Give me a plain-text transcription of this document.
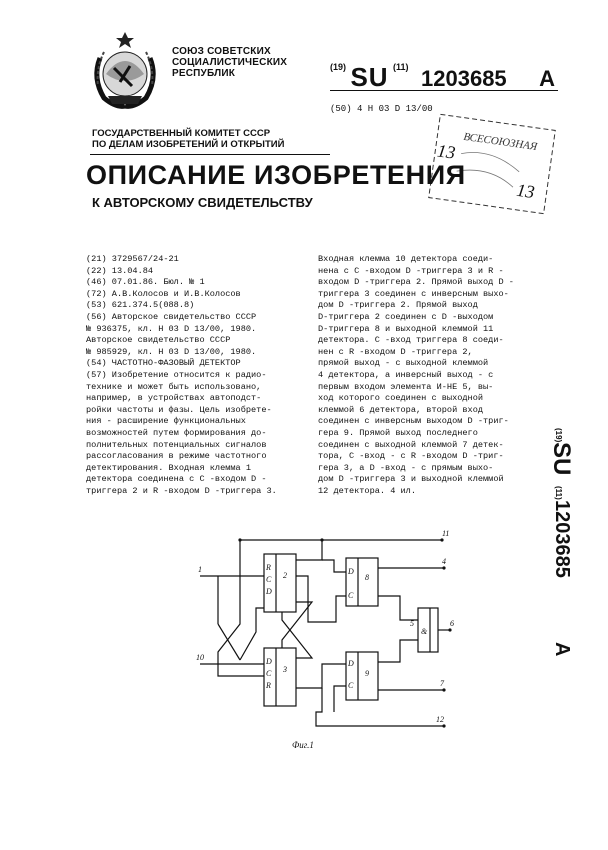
СОЮЗ СОВЕТСКИХ
СОЦИАЛИСТИЧЕСКИХ
РЕСПУБЛИК
$^{(19)}$ SU $^{(11)}$ 1203685 A
(50) 4 Н 03 D 13/00
ВСЕСОЮЗНАЯ
13
13
ГОСУДАРСТВЕННЫЙ КОМИТЕТ СССР
ПО ДЕЛАМ ИЗОБРЕТЕНИЙ И ОТКРЫТИЙ
ОПИСАНИЕ ИЗОБРЕТЕНИЯ
К АВТОРСКОМУ СВИДЕТЕЛЬСТВУ
(21) 3729567/24-21
(22) 13.04.84
(46) 07.01.86. Бюл. № 1
(72) А.В.Колосов и И.В.Колосов
(53) 621.374.5(088.8)
(56) Авторское свидетельство СССР
№ 936375, кл. Н 03 D 13/00, 1980.
Авторское свидетельство СССР
№ 985929, кл. Н 03 D 13/00, 1980.
(54) ЧАСТОТНО-ФАЗОВЫЙ ДЕТЕКТОР
(57) Изобретение относится к радио-
технике и может быть использовано,
например, в устройствах автоподст-
ройки частоты и фазы. Цель изобрете-
ния - расширение функциональных
возможностей путем формирования до-
полнительных потенциальных сигналов
рассогласования в режиме частотного
детектирования. Входная клемма 1
детектора соединена с С -входом D -
триггера 2 и R -входом D -триггера 3.
Входная клемма 10 детектора соеди-
нена с С -входом D -триггера 3 и R -
входом D -триггера 2. Прямой выход D -
триггера 3 соединен с инверсным выхо-
дом D -триггера 2. Прямой выход
D-триггера 2 соединен с D -выходом
D-триггера 8 и выходной клеммой 11
детектора. С -вход триггера 8 соеди-
нен с R -входом D -триггера 2,
прямой выход - с выходной клеммой
4 детектора, а инверсный выход - с
первым входом элемента И-НЕ 5, вы-
ход которого соединен с выходной
клеммой 6 детектора, второй вход
соединен с инверсным выходом D -триг-
гера 9. Прямой выход последнего
соединен с выходной клеммой 7 детек-
тора, С -вход - с R -входом D -триг-
гера 3, а D -вход - с прямым выхо-
дом D -триггера 3 и выходной клеммой
12 детектора. 4 ил.
(19)
SU
(11)
1203685
A
11
1
10
4
6
7
12
2
3
8
9
5
&
R
C
D
D
C
R
D
C
D
C
Фиг.1
